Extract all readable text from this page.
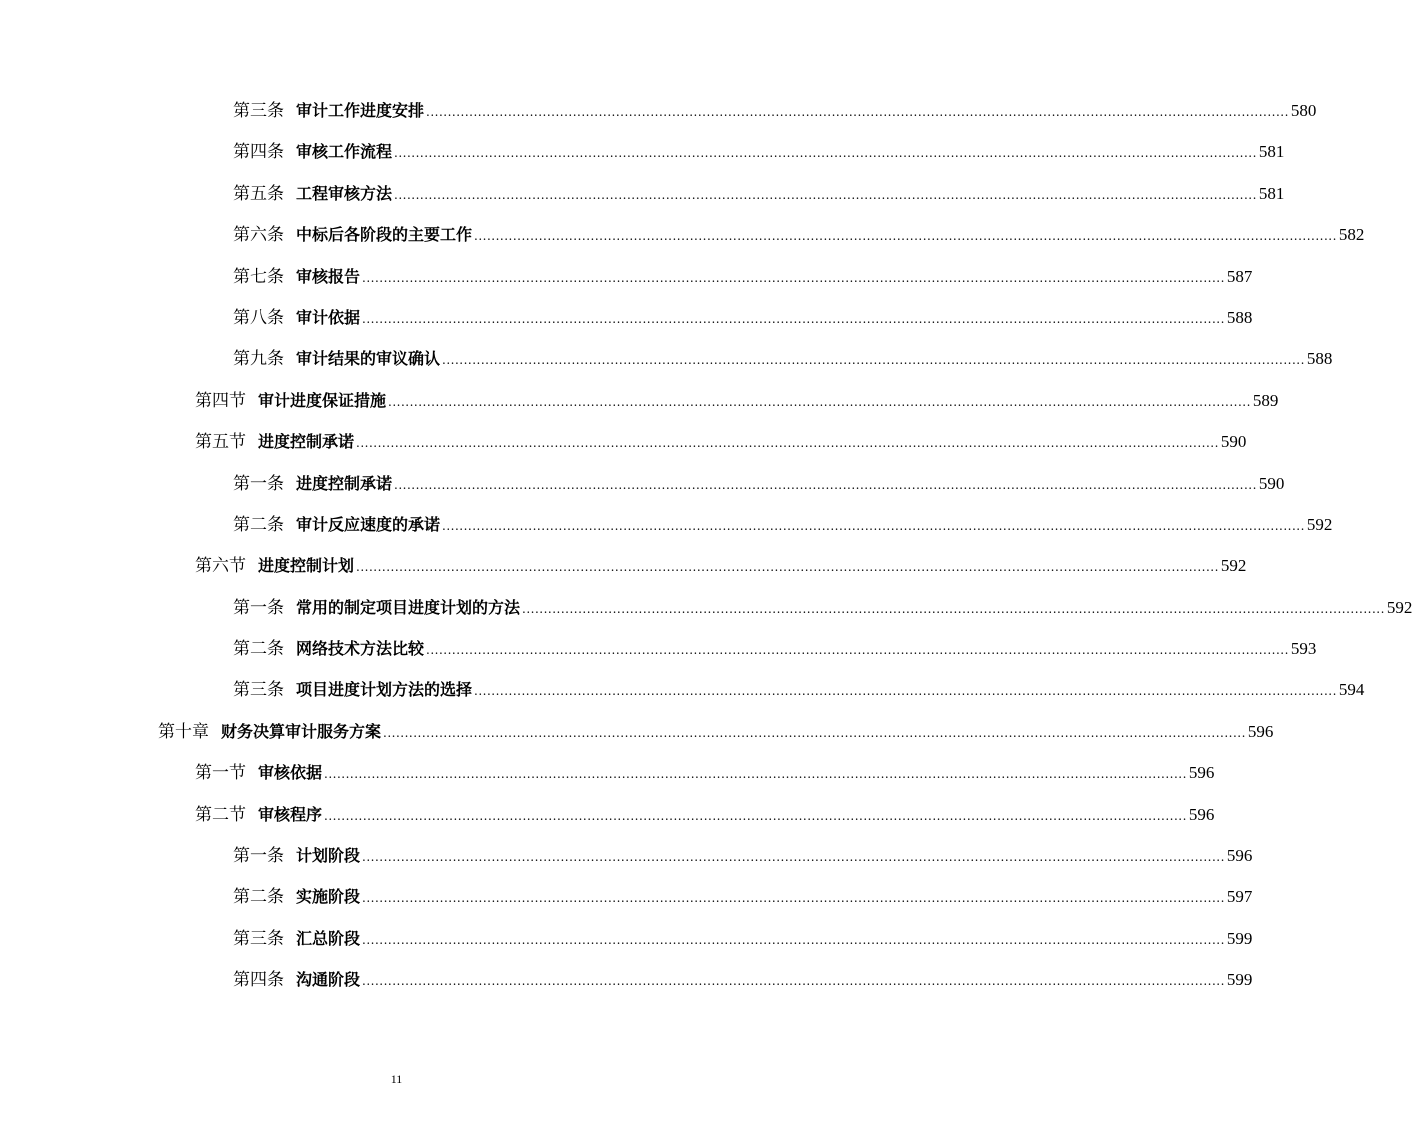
第三条 审计工作进度安排 ........................................................................................................................................................................................................ 580
第四条 审核工作流程 ........................................................................................................................................................................................................ 581
第五条 工程审核方法 ........................................................................................................................................................................................................ 581
第六条 中标后各阶段的主要工作 ........................................................................................................................................................................................................ 582
第七条 审核报告 ........................................................................................................................................................................................................ 587
第八条 审计依据 ........................................................................................................................................................................................................ 588
第九条 审计结果的审议确认 ........................................................................................................................................................................................................ 588
第四节 审计进度保证措施 ........................................................................................................................................................................................................ 589
第五节 进度控制承诺 ........................................................................................................................................................................................................ 590
第一条 进度控制承诺 ........................................................................................................................................................................................................ 590
第二条 审计反应速度的承诺 ........................................................................................................................................................................................................ 592
第六节 进度控制计划 ........................................................................................................................................................................................................ 592
第一条 常用的制定项目进度计划的方法 ........................................................................................................................................................................................................ 592
第二条 网络技术方法比较 ........................................................................................................................................................................................................ 593
第三条 项目进度计划方法的选择 ........................................................................................................................................................................................................ 594
第十章 财务决算审计服务方案 ........................................................................................................................................................................................................ 596
第一节 审核依据 ........................................................................................................................................................................................................ 596
第二节 审核程序 ........................................................................................................................................................................................................ 596
第一条 计划阶段 ........................................................................................................................................................................................................ 596
第二条 实施阶段 ........................................................................................................................................................................................................ 597
第三条 汇总阶段 ........................................................................................................................................................................................................ 599
第四条 沟通阶段 ........................................................................................................................................................................................................ 599
11
